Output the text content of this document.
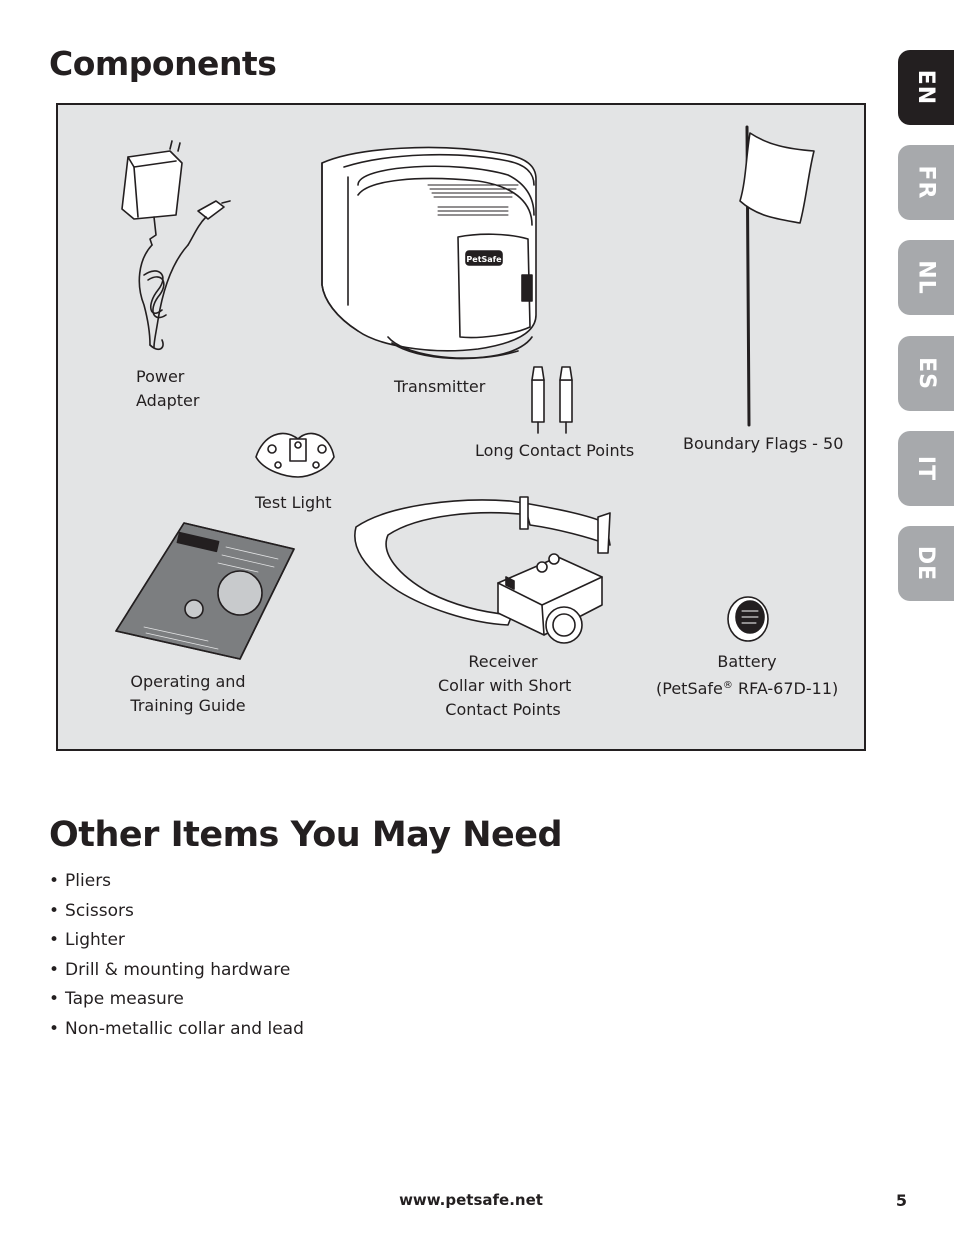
Components
PetSafe
Power
Adapter
Transmitter
Long Contact Points	Boundary Flags - 50
Test Light
Operating and
Training Guide
Receiver
Collar with Short
Contact Points
Battery
(PetSafe® RFA-67D-11)
EN
FR
NL
ES
IT
DE
Other Items You May Need
• Pliers
• Scissors
• Lighter
• Drill & mounting hardware
• Tape measure
• Non-metallic collar and lead
www.petsafe.net	5
